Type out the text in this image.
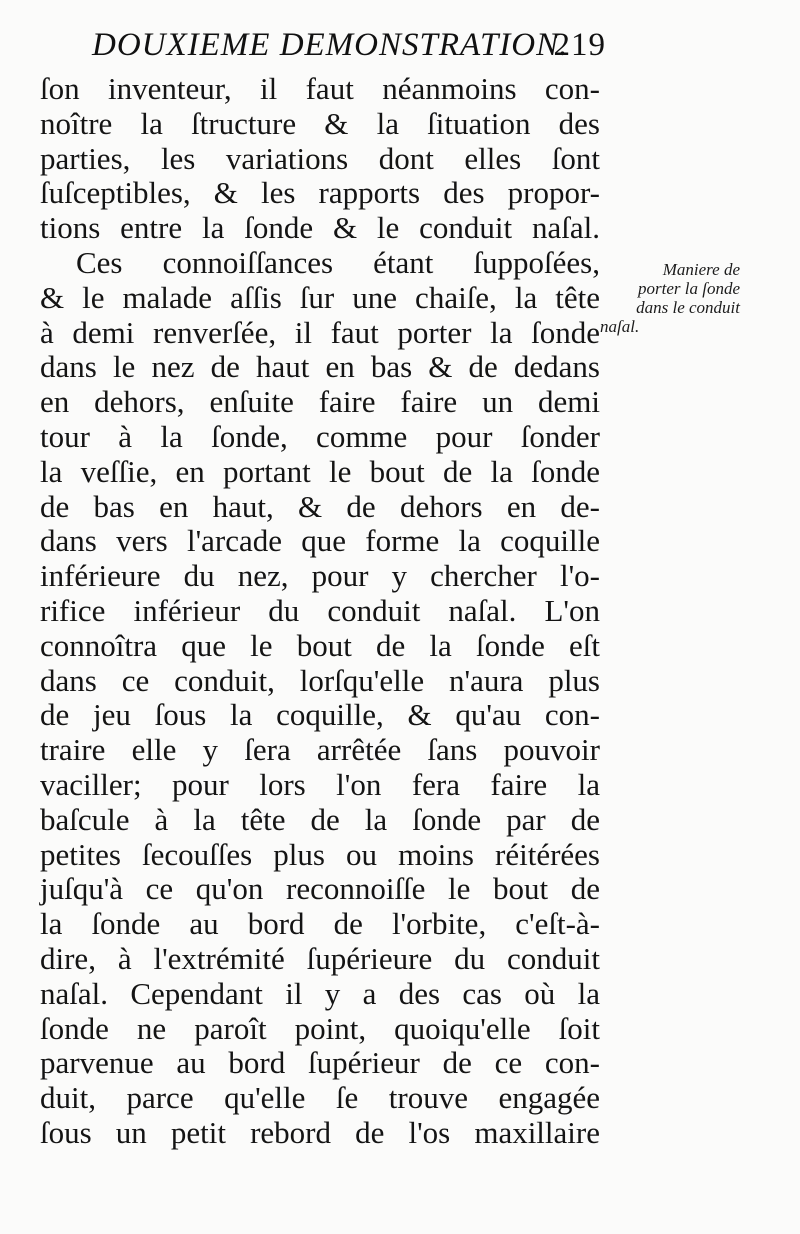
DOUXIEME DEMONSTRATION.
219
ſon inventeur, il faut néanmoins con-
noître la ſtructure & la ſituation des
parties, les variations dont elles ſont
ſuſceptibles, & les rapports des propor-
tions entre la ſonde & le conduit naſal.
Ces connoiſſances étant ſuppoſées,
& le malade aſſis ſur une chaiſe, la tête
à demi renverſée, il faut porter la ſonde
dans le nez de haut en bas & de dedans
en dehors, enſuite faire faire un demi
tour à la ſonde, comme pour ſonder
la veſſie, en portant le bout de la ſonde
de bas en haut, & de dehors en de-
dans vers l'arcade que forme la coquille
inférieure du nez, pour y chercher l'o-
rifice inférieur du conduit naſal. L'on
connoîtra que le bout de la ſonde eſt
dans ce conduit, lorſqu'elle n'aura plus
de jeu ſous la coquille, & qu'au con-
traire elle y ſera arrêtée ſans pouvoir
vaciller; pour lors l'on fera faire la
baſcule à la tête de la ſonde par de
petites ſecouſſes plus ou moins réitérées
juſqu'à ce qu'on reconnoiſſe le bout de
la ſonde au bord de l'orbite, c'eſt-à-
dire, à l'extrémité ſupérieure du conduit
naſal. Cependant il y a des cas où la
ſonde ne paroît point, quoiqu'elle ſoit
parvenue au bord ſupérieur de ce con-
duit, parce qu'elle ſe trouve engagée
ſous un petit rebord de l'os maxillaire
Maniere de
porter la ſonde
dans le conduit
naſal.
